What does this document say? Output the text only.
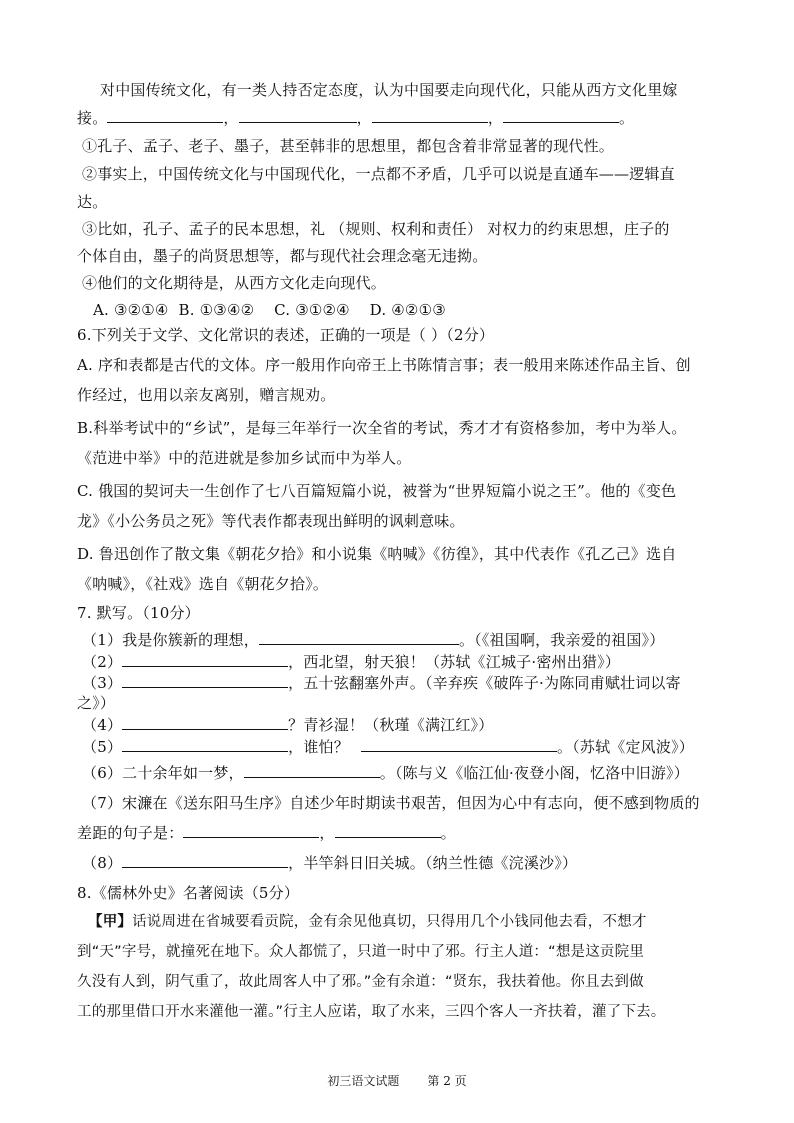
对中国传统文化，有一类人持否定态度，认为中国要走向现代化，只能从西方文化里嫁
接。	，	，	，	。
①孔子、孟子、老子、墨子，甚至韩非的思想里，都包含着非常显著的现代性。
②事实上，中国传统文化与中国现代化，一点都不矛盾，几乎可以说是直通车——逻辑直
达。
③比如，孔子、孟子的民本思想，礼 （规则、权利和责任） 对权力的约束思想，庄子的
个体自由，墨子的尚贤思想等，都与现代社会理念毫无违拗。
④他们的文化期待是，从西方文化走向现代。
A. ③②①④  B. ①③④②    C. ③①②④    D. ④②①③
6.下列关于文学、文化常识的表述，正确的一项是（ ）（2分）
A. 序和表都是古代的文体。序一般用作向帝王上书陈情言事；表一般用来陈述作品主旨、创
作经过，也用以亲友离别，赠言规劝。
B.科举考试中的“乡试”，是每三年举行一次全省的考试，秀才才有资格参加，考中为举人。
《范进中举》中的范进就是参加乡试而中为举人。
C. 俄国的契诃夫一生创作了七八百篇短篇小说，被誉为“世界短篇小说之王”。他的《变色
龙》《小公务员之死》等代表作都表现出鲜明的讽刺意味。
D. 鲁迅创作了散文集《朝花夕拾》和小说集《呐喊》《彷徨》，其中代表作《孔乙己》选自
《呐喊》，《社戏》选自《朝花夕拾》。
7. 默写。（10分）
（1）我是你簇新的理想，	。（《祖国啊，我亲爱的祖国》）
（2）	，西北望，射天狼！（苏轼《江城子·密州出猎》）
（3）	，五十弦翻塞外声。（辛弃疾《破阵子·为陈同甫赋壮词以寄
之》）
（4）	？青衫湿！（秋瑾《满江红》）
（5）	，谁怕？	。（苏轼《定风波》）
（6）二十余年如一梦，	。（陈与义《临江仙·夜登小阁，忆洛中旧游》）
（7）宋濂在《送东阳马生序》自述少年时期读书艰苦，但因为心中有志向，便不感到物质的
差距的句子是：	，	。
（8）	，半竿斜日旧关城。（纳兰性德《浣溪沙》）
8.《儒林外史》名著阅读（5分）
【甲】话说周进在省城要看贡院，金有余见他真切，只得用几个小钱同他去看，不想才
到“天”字号，就撞死在地下。众人都慌了，只道一时中了邪。行主人道：“想是这贡院里
久没有人到，阴气重了，故此周客人中了邪。”金有余道：“贤东，我扶着他。你且去到做
工的那里借口开水来灌他一灌。”行主人应诺，取了水来，三四个客人一齐扶着，灌了下去。
初三语文试题 第 2 页
